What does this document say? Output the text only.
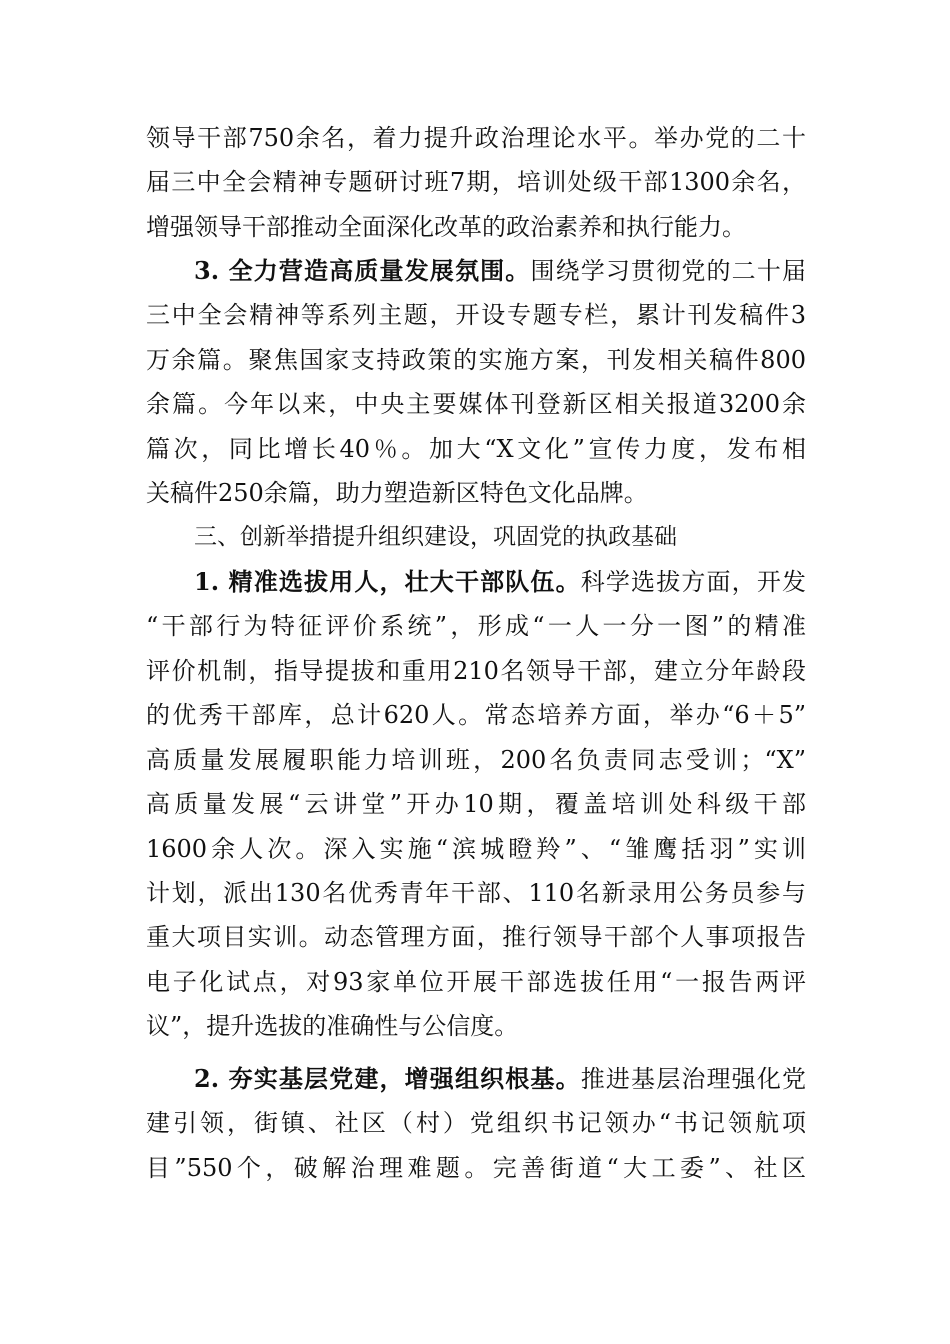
领导干部750余名，着力提升政治理论水平。举办党的二十
届三中全会精神专题研讨班7期，培训处级干部1300余名，
增强领导干部推动全面深化改革的政治素养和执行能力。
3. 全力营造高质量发展氛围。围绕学习贯彻党的二十届
三中全会精神等系列主题，开设专题专栏，累计刊发稿件3
万余篇。聚焦国家支持政策的实施方案，刊发相关稿件800
余篇。今年以来，中央主要媒体刊登新区相关报道3200余
篇次，同比增长40％。加大“X文化”宣传力度，发布相
关稿件250余篇，助力塑造新区特色文化品牌。
三、创新举措提升组织建设，巩固党的执政基础
1. 精准选拔用人，壮大干部队伍。科学选拔方面，开发
“干部行为特征评价系统”，形成“一人一分一图”的精准
评价机制，指导提拔和重用210名领导干部，建立分年龄段
的优秀干部库，总计620人。常态培养方面，举办“6＋5”
高质量发展履职能力培训班，200名负责同志受训；“X”
高质量发展“云讲堂”开办10期，覆盖培训处科级干部
1600余人次。深入实施“滨城瞪羚”、“雏鹰括羽”实训
计划，派出130名优秀青年干部、110名新录用公务员参与
重大项目实训。动态管理方面，推行领导干部个人事项报告
电子化试点，对93家单位开展干部选拔任用“一报告两评
议”，提升选拔的准确性与公信度。
2. 夯实基层党建，增强组织根基。推进基层治理强化党
建引领，街镇、社区（村）党组织书记领办“书记领航项
目”550个，破解治理难题。完善街道“大工委”、社区
